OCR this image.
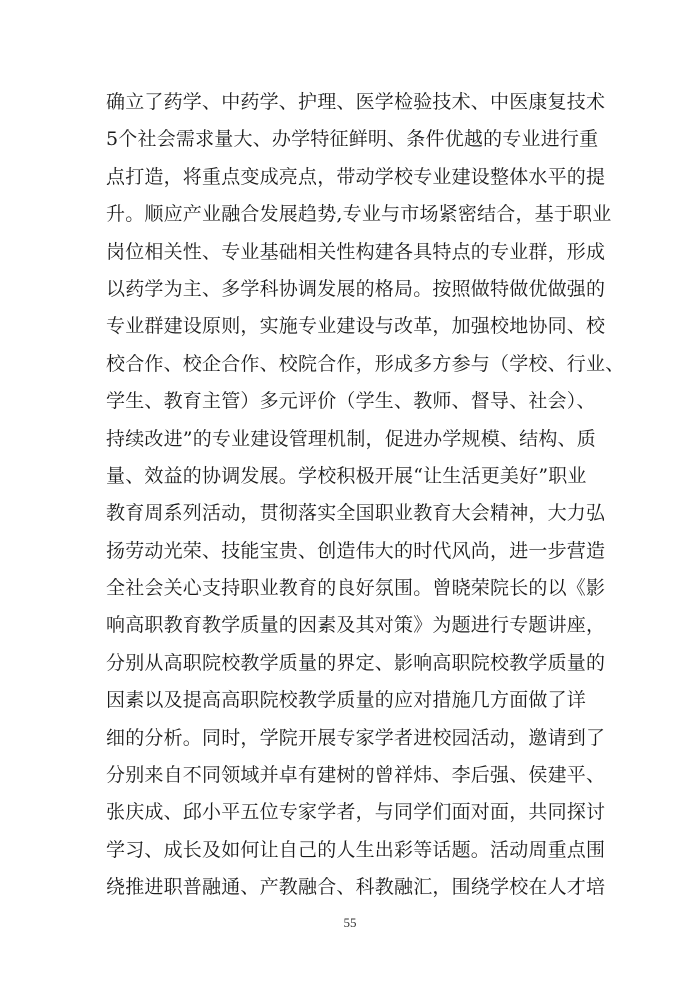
确立了药学、中药学、护理、医学检验技术、中医康复技术
5个社会需求量大、办学特征鲜明、条件优越的专业进行重
点打造，将重点变成亮点，带动学校专业建设整体水平的提
升。顺应产业融合发展趋势,专业与市场紧密结合，基于职业
岗位相关性、专业基础相关性构建各具特点的专业群，形成
以药学为主、多学科协调发展的格局。按照做特做优做强的
专业群建设原则，实施专业建设与改革，加强校地协同、校
校合作、校企合作、校院合作，形成多方参与（学校、行业、
学生、教育主管）多元评价（学生、教师、督导、社会）、
持续改进”的专业建设管理机制，促进办学规模、结构、质
量、效益的协调发展。学校积极开展“让生活更美好”职业
教育周系列活动，贯彻落实全国职业教育大会精神，大力弘
扬劳动光荣、技能宝贵、创造伟大的时代风尚，进一步营造
全社会关心支持职业教育的良好氛围。曾晓荣院长的以《影
响高职教育教学质量的因素及其对策》为题进行专题讲座，
分别从高职院校教学质量的界定、影响高职院校教学质量的
因素以及提高高职院校教学质量的应对措施几方面做了详
细的分析。同时，学院开展专家学者进校园活动，邀请到了
分别来自不同领域并卓有建树的曾祥炜、李后强、侯建平、
张庆成、邱小平五位专家学者，与同学们面对面，共同探讨
学习、成长及如何让自己的人生出彩等话题。活动周重点围
绕推进职普融通、产教融合、科教融汇，围绕学校在人才培
55
